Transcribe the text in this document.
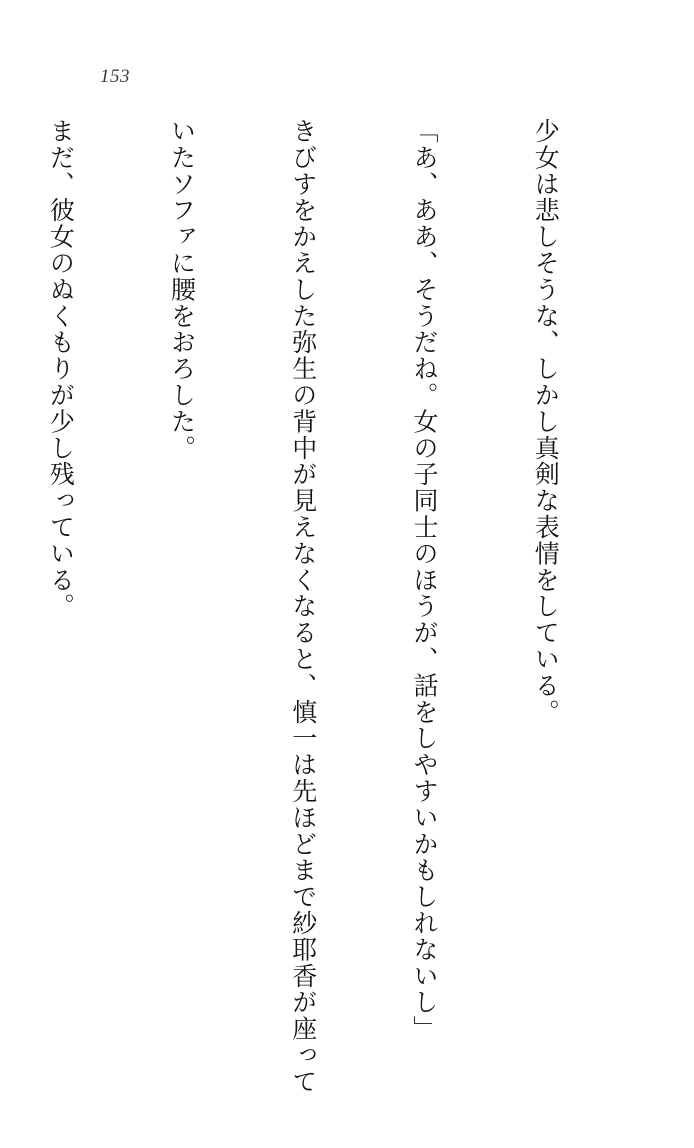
153

少女は悲しそうな、しかし真剣な表情をしている。

「あ、ああ、そうだね。女の子同士のほうが、話をしやすいかもしれないし」

きびすをかえした弥生の背中が見えなくなると、慎一は先ほどまで紗耶香が座って

いたソファに腰をおろした。

まだ、彼女のぬくもりが少し残っている。
